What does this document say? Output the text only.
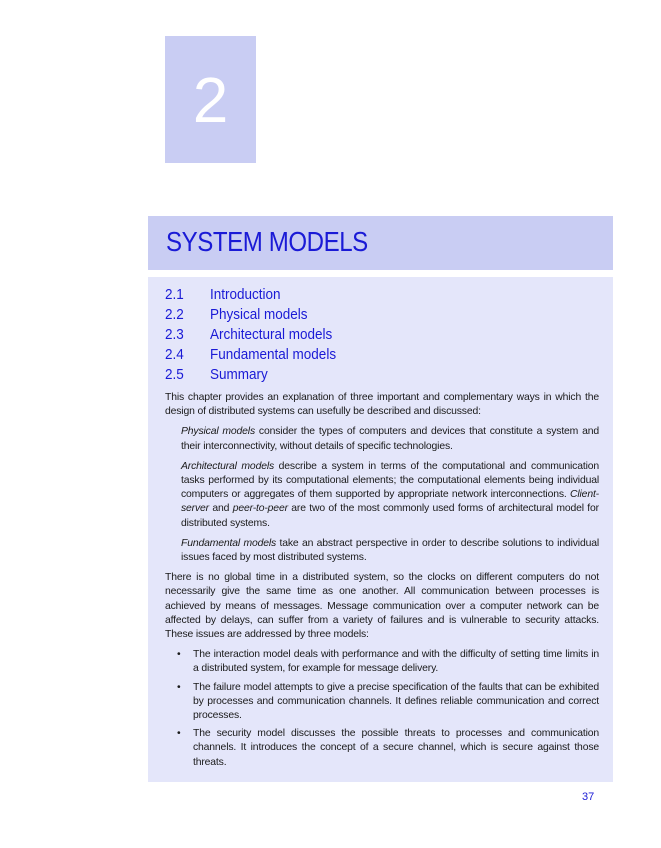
2
SYSTEM MODELS
2.1 Introduction
2.2 Physical models
2.3 Architectural models
2.4 Fundamental models
2.5 Summary

This chapter provides an explanation of three important and complementary ways in which the design of distributed systems can usefully be described and discussed:

Physical models consider the types of computers and devices that constitute a system and their interconnectivity, without details of specific technologies.

Architectural models describe a system in terms of the computational and communication tasks performed by its computational elements; the computational elements being individual computers or aggregates of them supported by appropriate network interconnections. Client-server and peer-to-peer are two of the most commonly used forms of architectural model for distributed systems.

Fundamental models take an abstract perspective in order to describe solutions to individual issues faced by most distributed systems.

There is no global time in a distributed system, so the clocks on different computers do not necessarily give the same time as one another. All communication between processes is achieved by means of messages. Message communication over a computer network can be affected by delays, can suffer from a variety of failures and is vulnerable to security attacks. These issues are addressed by three models:

• The interaction model deals with performance and with the difficulty of setting time limits in a distributed system, for example for message delivery.
• The failure model attempts to give a precise specification of the faults that can be exhibited by processes and communication channels. It defines reliable communication and correct processes.
• The security model discusses the possible threats to processes and communication channels. It introduces the concept of a secure channel, which is secure against those threats.
37
